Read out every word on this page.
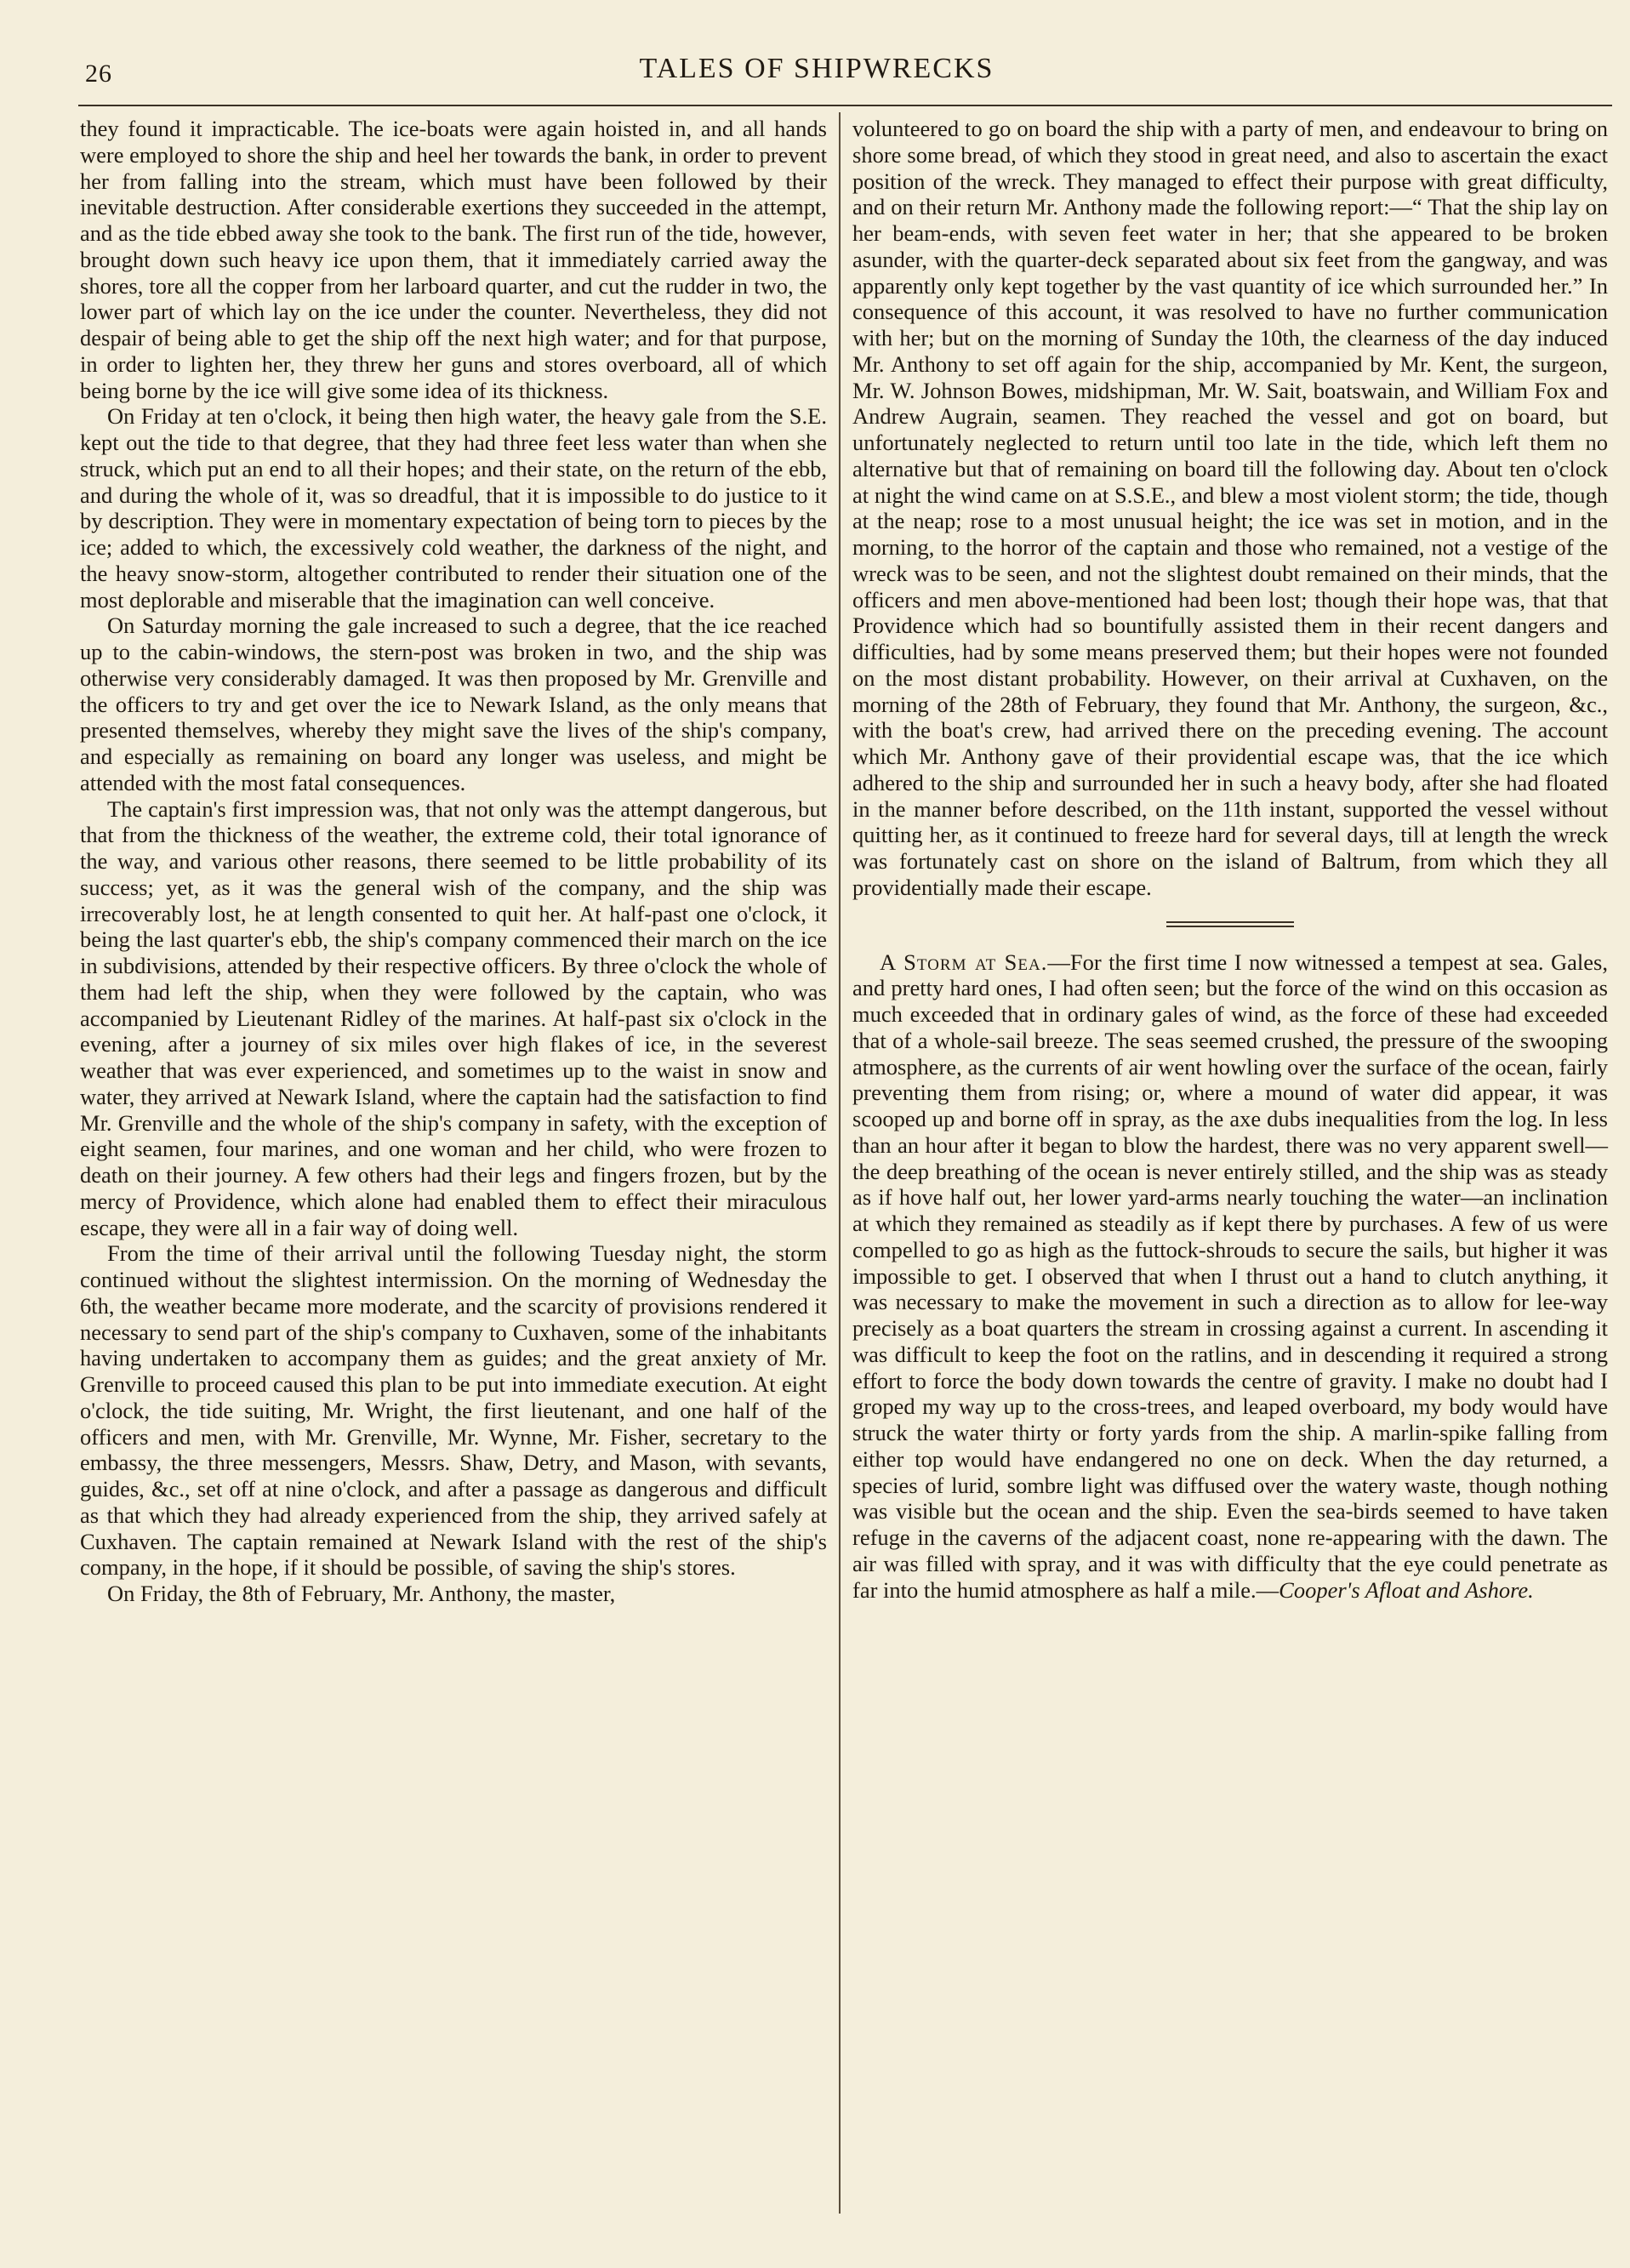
26	TALES OF SHIPWRECKS

they found it impracticable. The ice-boats were again hoisted in, and all hands were employed to shore the ship and heel her towards the bank, in order to prevent her from falling into the stream, which must have been followed by their inevitable destruction. After considerable exertions they succeeded in the attempt, and as the tide ebbed away she took to the bank. The first run of the tide, however, brought down such heavy ice upon them, that it immediately carried away the shores, tore all the copper from her larboard quarter, and cut the rudder in two, the lower part of which lay on the ice under the counter. Nevertheless, they did not despair of being able to get the ship off the next high water; and for that purpose, in order to lighten her, they threw her guns and stores overboard, all of which being borne by the ice will give some idea of its thickness.

On Friday at ten o'clock, it being then high water, the heavy gale from the S.E. kept out the tide to that degree, that they had three feet less water than when she struck, which put an end to all their hopes; and their state, on the return of the ebb, and during the whole of it, was so dreadful, that it is impossible to do justice to it by description. They were in momentary expectation of being torn to pieces by the ice; added to which, the excessively cold weather, the darkness of the night, and the heavy snow-storm, altogether contributed to render their situation one of the most deplorable and miserable that the imagination can well conceive.

On Saturday morning the gale increased to such a degree, that the ice reached up to the cabin-windows, the stern-post was broken in two, and the ship was otherwise very considerably damaged. It was then proposed by Mr. Grenville and the officers to try and get over the ice to Newark Island, as the only means that presented themselves, whereby they might save the lives of the ship's company, and especially as remaining on board any longer was useless, and might be attended with the most fatal consequences.

The captain's first impression was, that not only was the attempt dangerous, but that from the thickness of the weather, the extreme cold, their total ignorance of the way, and various other reasons, there seemed to be little probability of its success; yet, as it was the general wish of the company, and the ship was irrecoverably lost, he at length consented to quit her. At half-past one o'clock, it being the last quarter's ebb, the ship's company commenced their march on the ice in subdivisions, attended by their respective officers. By three o'clock the whole of them had left the ship, when they were followed by the captain, who was accompanied by Lieutenant Ridley of the marines. At half-past six o'clock in the evening, after a journey of six miles over high flakes of ice, in the severest weather that was ever experienced, and sometimes up to the waist in snow and water, they arrived at Newark Island, where the captain had the satisfaction to find Mr. Grenville and the whole of the ship's company in safety, with the exception of eight seamen, four marines, and one woman and her child, who were frozen to death on their journey. A few others had their legs and fingers frozen, but by the mercy of Providence, which alone had enabled them to effect their miraculous escape, they were all in a fair way of doing well.

From the time of their arrival until the following Tuesday night, the storm continued without the slightest intermission. On the morning of Wednesday the 6th, the weather became more moderate, and the scarcity of provisions rendered it necessary to send part of the ship's company to Cuxhaven, some of the inhabitants having undertaken to accompany them as guides; and the great anxiety of Mr. Grenville to proceed caused this plan to be put into immediate execution. At eight o'clock, the tide suiting, Mr. Wright, the first lieutenant, and one half of the officers and men, with Mr. Grenville, Mr. Wynne, Mr. Fisher, secretary to the embassy, the three messengers, Messrs. Shaw, Detry, and Mason, with sevants, guides, &c., set off at nine o'clock, and after a passage as dangerous and difficult as that which they had already experienced from the ship, they arrived safely at Cuxhaven. The captain remained at Newark Island with the rest of the ship's company, in the hope, if it should be possible, of saving the ship's stores.

On Friday, the 8th of February, Mr. Anthony, the master,

volunteered to go on board the ship with a party of men, and endeavour to bring on shore some bread, of which they stood in great need, and also to ascertain the exact position of the wreck. They managed to effect their purpose with great difficulty, and on their return Mr. Anthony made the following report:—“ That the ship lay on her beam-ends, with seven feet water in her; that she appeared to be broken asunder, with the quarter-deck separated about six feet from the gangway, and was apparently only kept together by the vast quantity of ice which surrounded her.” In consequence of this account, it was resolved to have no further communication with her; but on the morning of Sunday the 10th, the clearness of the day induced Mr. Anthony to set off again for the ship, accompanied by Mr. Kent, the surgeon, Mr. W. Johnson Bowes, midshipman, Mr. W. Sait, boatswain, and William Fox and Andrew Augrain, seamen. They reached the vessel and got on board, but unfortunately neglected to return until too late in the tide, which left them no alternative but that of remaining on board till the following day. About ten o'clock at night the wind came on at S.S.E., and blew a most violent storm; the tide, though at the neap; rose to a most unusual height; the ice was set in motion, and in the morning, to the horror of the captain and those who remained, not a vestige of the wreck was to be seen, and not the slightest doubt remained on their minds, that the officers and men above-mentioned had been lost; though their hope was, that that Providence which had so bountifully assisted them in their recent dangers and difficulties, had by some means preserved them; but their hopes were not founded on the most distant probability. However, on their arrival at Cuxhaven, on the morning of the 28th of February, they found that Mr. Anthony, the surgeon, &c., with the boat's crew, had arrived there on the preceding evening. The account which Mr. Anthony gave of their providential escape was, that the ice which adhered to the ship and surrounded her in such a heavy body, after she had floated in the manner before described, on the 11th instant, supported the vessel without quitting her, as it continued to freeze hard for several days, till at length the wreck was fortunately cast on shore on the island of Baltrum, from which they all providentially made their escape.

A Storm at Sea.—For the first time I now witnessed a tempest at sea. Gales, and pretty hard ones, I had often seen; but the force of the wind on this occasion as much exceeded that in ordinary gales of wind, as the force of these had exceeded that of a whole-sail breeze. The seas seemed crushed, the pressure of the swooping atmosphere, as the currents of air went howling over the surface of the ocean, fairly preventing them from rising; or, where a mound of water did appear, it was scooped up and borne off in spray, as the axe dubs inequalities from the log. In less than an hour after it began to blow the hardest, there was no very apparent swell—the deep breathing of the ocean is never entirely stilled, and the ship was as steady as if hove half out, her lower yard-arms nearly touching the water—an inclination at which they remained as steadily as if kept there by purchases. A few of us were compelled to go as high as the futtock-shrouds to secure the sails, but higher it was impossible to get. I observed that when I thrust out a hand to clutch anything, it was necessary to make the movement in such a direction as to allow for lee-way precisely as a boat quarters the stream in crossing against a current. In ascending it was difficult to keep the foot on the ratlins, and in descending it required a strong effort to force the body down towards the centre of gravity. I make no doubt had I groped my way up to the cross-trees, and leaped overboard, my body would have struck the water thirty or forty yards from the ship. A marlin-spike falling from either top would have endangered no one on deck. When the day returned, a species of lurid, sombre light was diffused over the watery waste, though nothing was visible but the ocean and the ship. Even the sea-birds seemed to have taken refuge in the caverns of the adjacent coast, none re-appearing with the dawn. The air was filled with spray, and it was with difficulty that the eye could penetrate as far into the humid atmosphere as half a mile.—Cooper's Afloat and Ashore.
